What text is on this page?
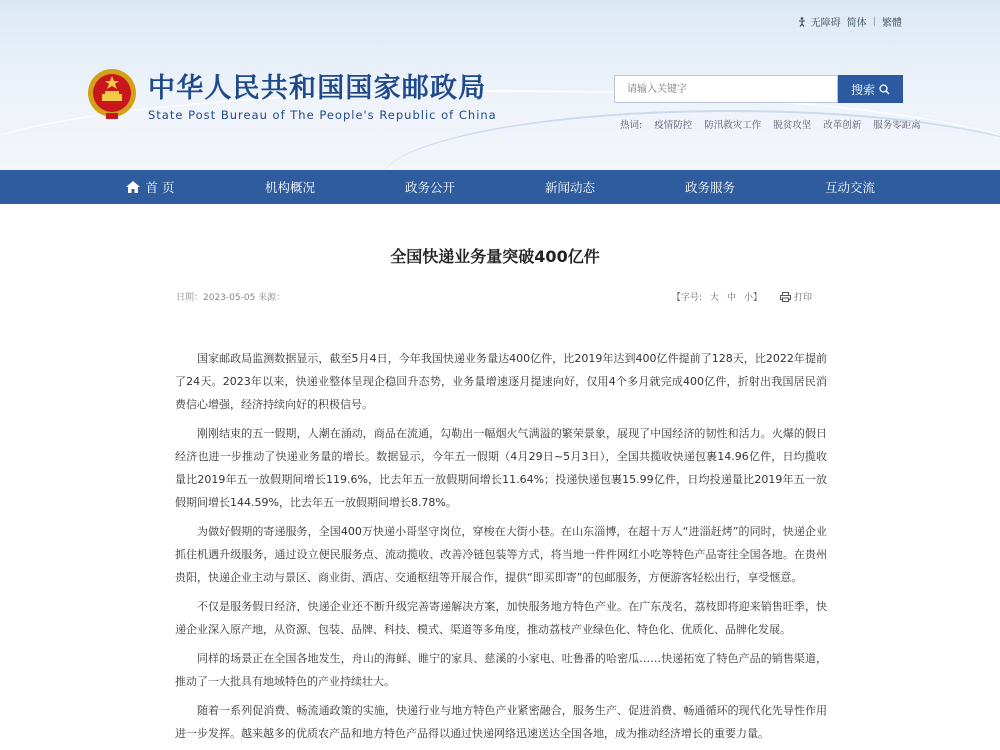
无障碍 简体 | 繁體
中华人民共和国国家邮政局
State Post Bureau of The People's Republic of China
请输入关键字
搜索
热词: 疫情防控 防汛救灾工作 脱贫攻坚 改革创新 服务零距离
首 页	机构概况	政务公开	新闻动态	政务服务	互动交流
全国快递业务量突破400亿件
日期：2023-05-05 来源：	【字号: 大 中 小】	打印

国家邮政局监测数据显示，截至5月4日，今年我国快递业务量达400亿件，比2019年达到400亿件提前了128天，比2022年提前了24天。2023年以来，快递业整体呈现企稳回升态势，业务量增速逐月提速向好，仅用4个多月就完成400亿件，折射出我国居民消费信心增强，经济持续向好的积极信号。

刚刚结束的五一假期，人潮在涌动，商品在流通，勾勒出一幅烟火气满溢的繁荣景象，展现了中国经济的韧性和活力。火爆的假日经济也进一步推动了快递业务量的增长。数据显示，今年五一假期（4月29日~5月3日），全国共揽收快递包裹14.96亿件，日均揽收量比2019年五一放假期间增长119.6%，比去年五一放假期间增长11.64%；投递快递包裹15.99亿件，日均投递量比2019年五一放假期间增长144.59%，比去年五一放假期间增长8.78%。

为做好假期的寄递服务，全国400万快递小哥坚守岗位，穿梭在大街小巷。在山东淄博，在超十万人“进淄赶烤”的同时，快递企业抓住机遇升级服务，通过设立便民服务点、流动揽收、改善冷链包装等方式，将当地一件件网红小吃等特色产品寄往全国各地。在贵州贵阳，快递企业主动与景区、商业街、酒店、交通枢纽等开展合作，提供“即买即寄”的包邮服务，方便游客轻松出行，享受惬意。

不仅是服务假日经济，快递企业还不断升级完善寄递解决方案，加快服务地方特色产业。在广东茂名，荔枝即将迎来销售旺季，快递企业深入原产地，从资源、包装、品牌、科技、模式、渠道等多角度，推动荔枝产业绿色化、特色化、优质化、品牌化发展。

同样的场景正在全国各地发生，舟山的海鲜、睢宁的家具、慈溪的小家电、吐鲁番的哈密瓜……快递拓宽了特色产品的销售渠道，推动了一大批具有地域特色的产业持续壮大。

随着一系列促消费、畅流通政策的实施，快递行业与地方特色产业紧密融合，服务生产、促进消费、畅通循环的现代化先导性作用进一步发挥。越来越多的优质农产品和地方特色产品得以通过快递网络迅速送达全国各地，成为推动经济增长的重要力量。
